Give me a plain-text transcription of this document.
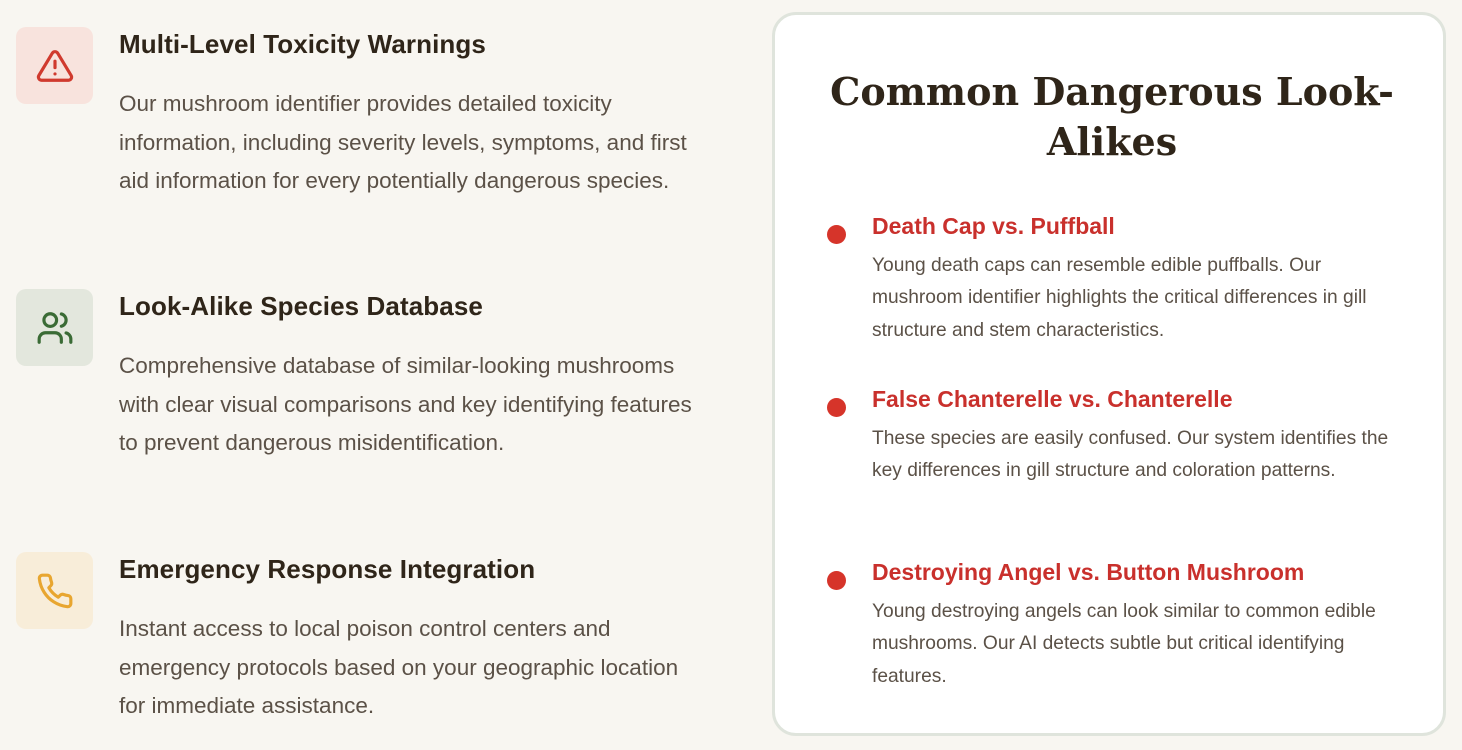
Multi-Level Toxicity Warnings

Our mushroom identifier provides detailed toxicity information, including severity levels, symptoms, and first aid information for every potentially dangerous species.

Look-Alike Species Database

Comprehensive database of similar-looking mushrooms with clear visual comparisons and key identifying features to prevent dangerous misidentification.

Emergency Response Integration

Instant access to local poison control centers and emergency protocols based on your geographic location for immediate assistance.

Common Dangerous Look-Alikes
Death Cap vs. Puffball

Young death caps can resemble edible puffballs. Our mushroom identifier highlights the critical differences in gill structure and stem characteristics.

False Chanterelle vs. Chanterelle

These species are easily confused. Our system identifies the key differences in gill structure and coloration patterns.

Destroying Angel vs. Button Mushroom

Young destroying angels can look similar to common edible mushrooms. Our AI detects subtle but critical identifying features.
